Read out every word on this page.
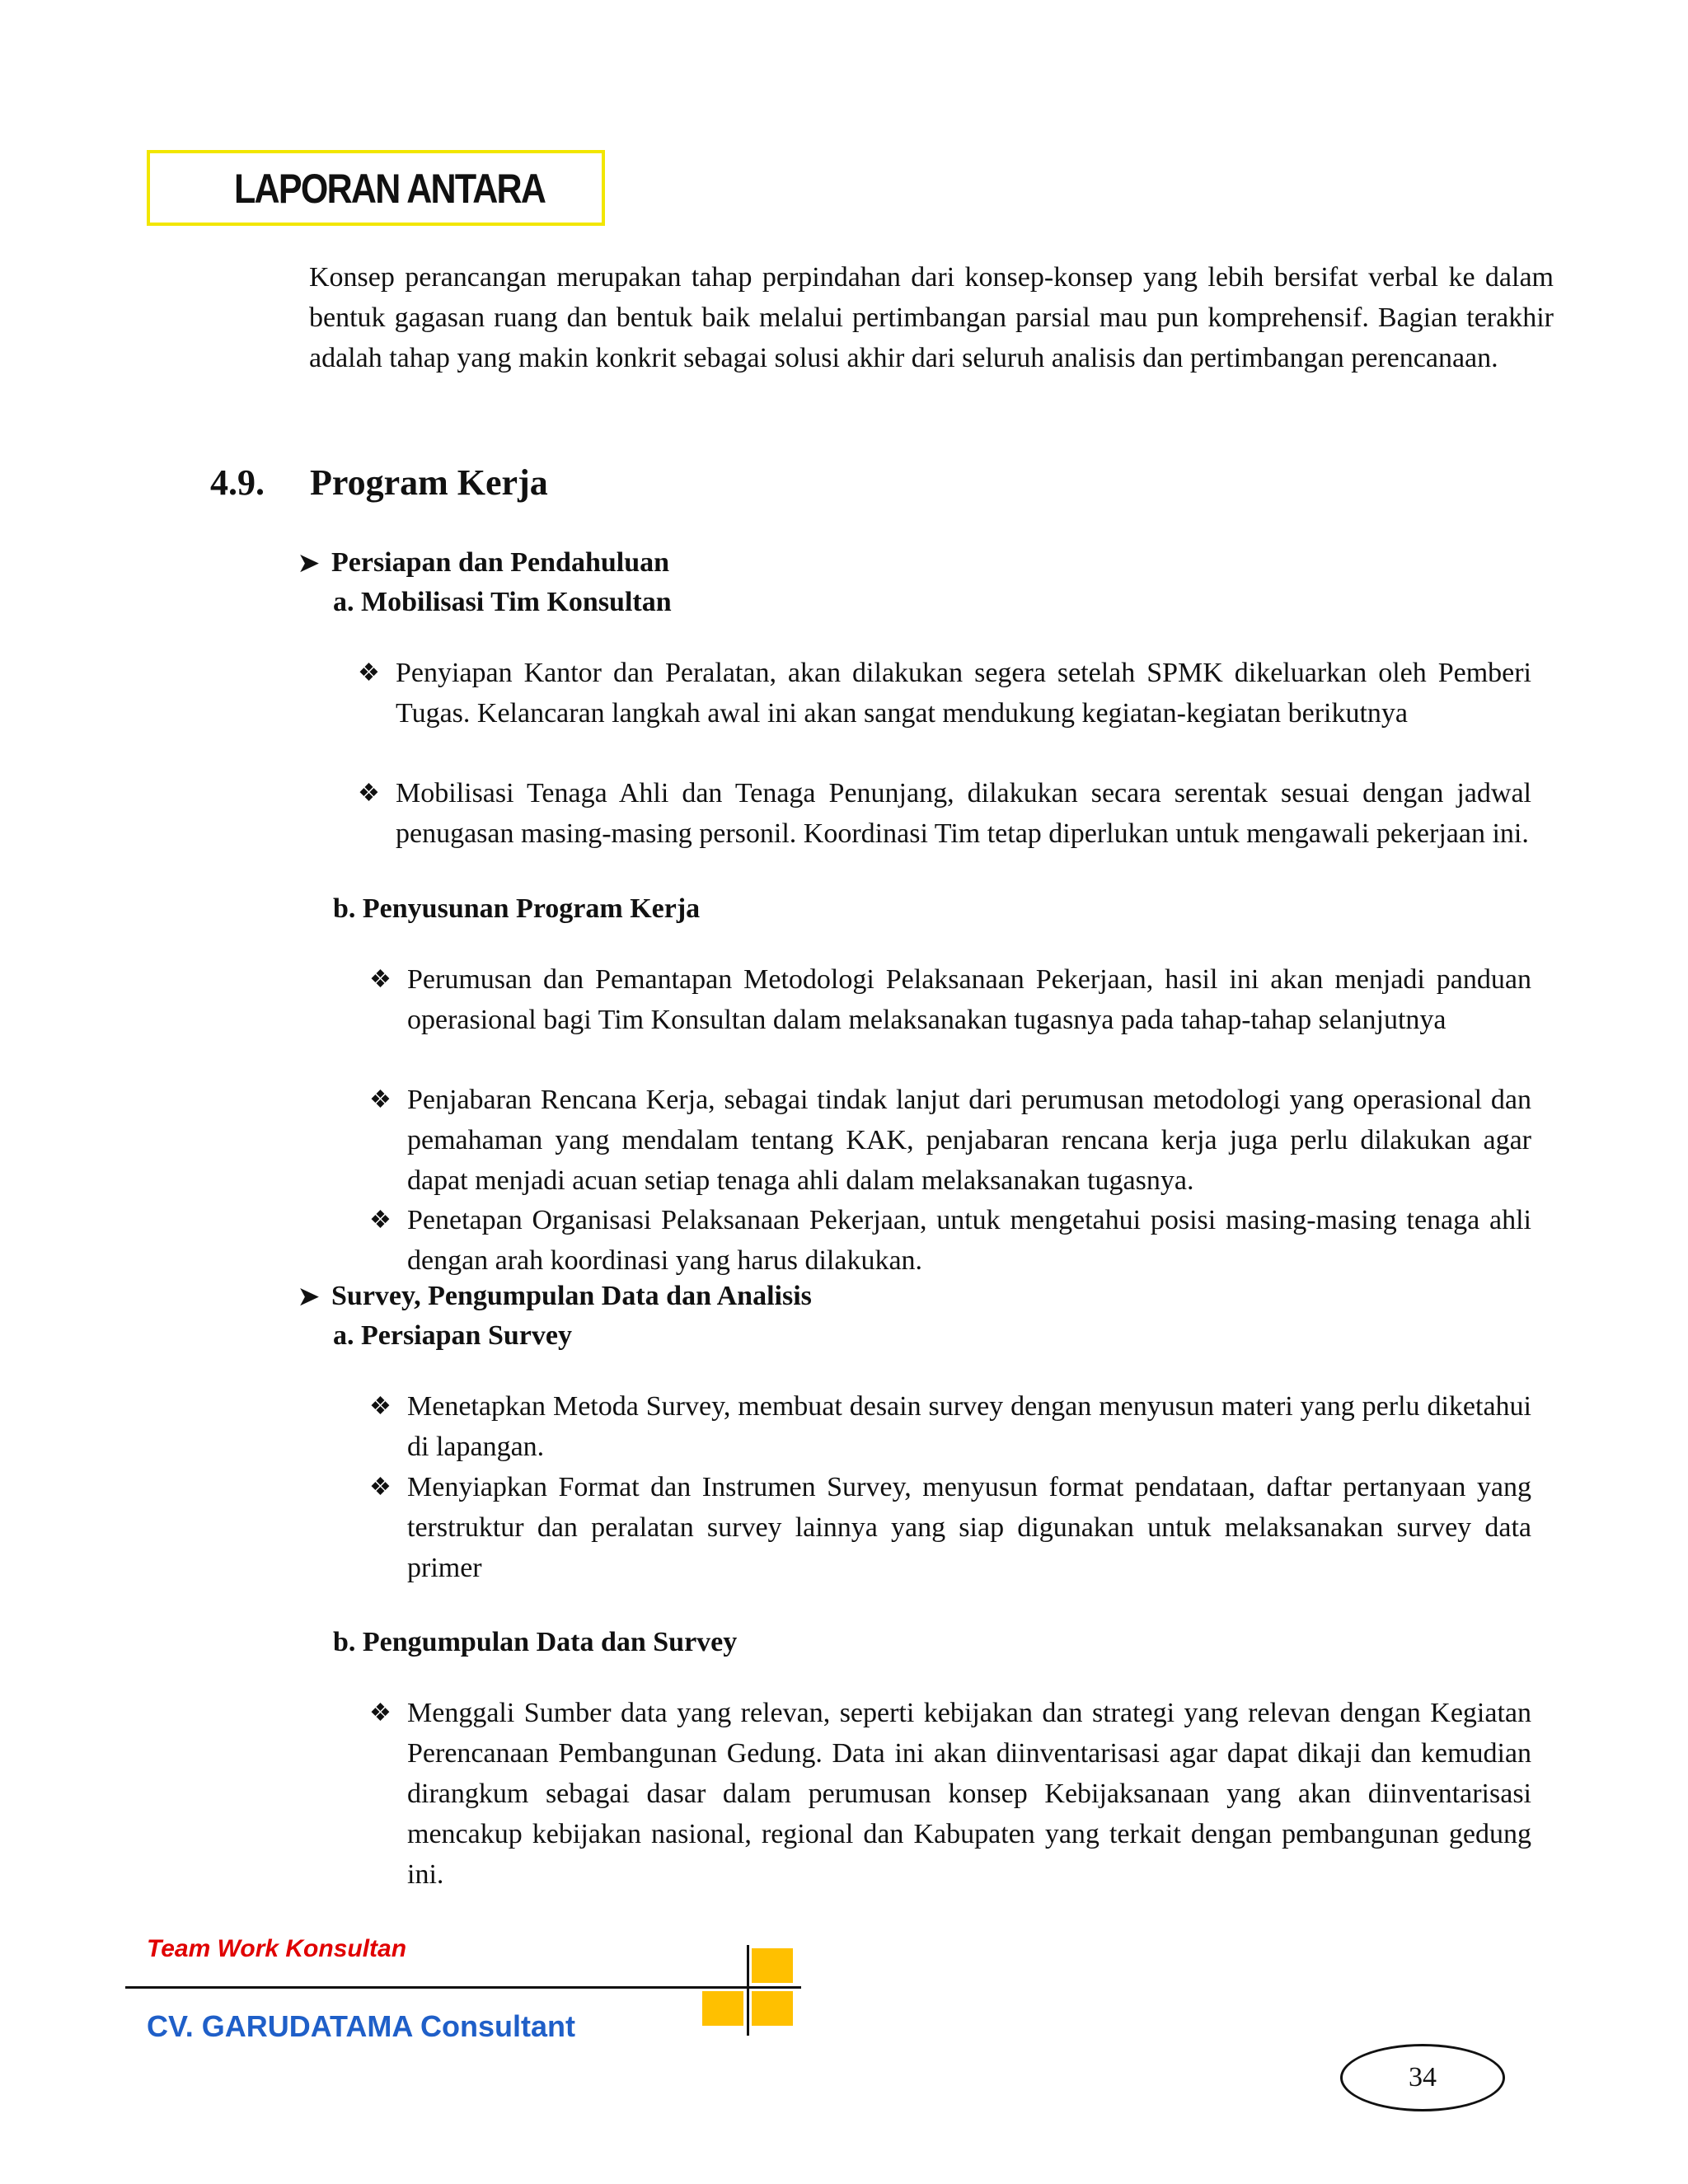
LAPORAN ANTARA
Konsep perancangan merupakan tahap perpindahan dari konsep-konsep yang lebih bersifat verbal ke dalam bentuk gagasan ruang dan bentuk baik melalui pertimbangan parsial mau pun komprehensif. Bagian terakhir adalah tahap yang makin konkrit sebagai solusi akhir dari seluruh analisis dan pertimbangan perencanaan.
4.9. Program Kerja
➤ Persiapan dan Pendahuluan
a. Mobilisasi Tim Konsultan
❖ Penyiapan Kantor dan Peralatan, akan dilakukan segera setelah SPMK dikeluarkan oleh Pemberi Tugas. Kelancaran langkah awal ini akan sangat mendukung kegiatan-kegiatan berikutnya
❖ Mobilisasi Tenaga Ahli dan Tenaga Penunjang, dilakukan secara serentak sesuai dengan jadwal penugasan masing-masing personil. Koordinasi Tim tetap diperlukan untuk mengawali pekerjaan ini.
b. Penyusunan Program Kerja
❖ Perumusan dan Pemantapan Metodologi Pelaksanaan Pekerjaan, hasil ini akan menjadi panduan operasional bagi Tim Konsultan dalam melaksanakan tugasnya pada tahap-tahap selanjutnya
❖ Penjabaran Rencana Kerja, sebagai tindak lanjut dari perumusan metodologi yang operasional dan pemahaman yang mendalam tentang KAK, penjabaran rencana kerja juga perlu dilakukan agar dapat menjadi acuan setiap tenaga ahli dalam melaksanakan tugasnya.
❖ Penetapan Organisasi Pelaksanaan Pekerjaan, untuk mengetahui posisi masing-masing tenaga ahli dengan arah koordinasi yang harus dilakukan.
➤ Survey, Pengumpulan Data dan Analisis
a. Persiapan Survey
❖ Menetapkan Metoda Survey, membuat desain survey dengan menyusun materi yang perlu diketahui di lapangan.
❖ Menyiapkan Format dan Instrumen Survey, menyusun format pendataan, daftar pertanyaan yang terstruktur dan peralatan survey lainnya yang siap digunakan untuk melaksanakan survey data primer
b. Pengumpulan Data dan Survey
❖ Menggali Sumber data yang relevan, seperti kebijakan dan strategi yang relevan dengan Kegiatan Perencanaan Pembangunan Gedung. Data ini akan diinventarisasi agar dapat dikaji dan kemudian dirangkum sebagai dasar dalam perumusan konsep Kebijaksanaan yang akan diinventarisasi mencakup kebijakan nasional, regional dan Kabupaten yang terkait dengan pembangunan gedung ini.
Team Work Konsultan
CV. GARUDATAMA Consultant
34
